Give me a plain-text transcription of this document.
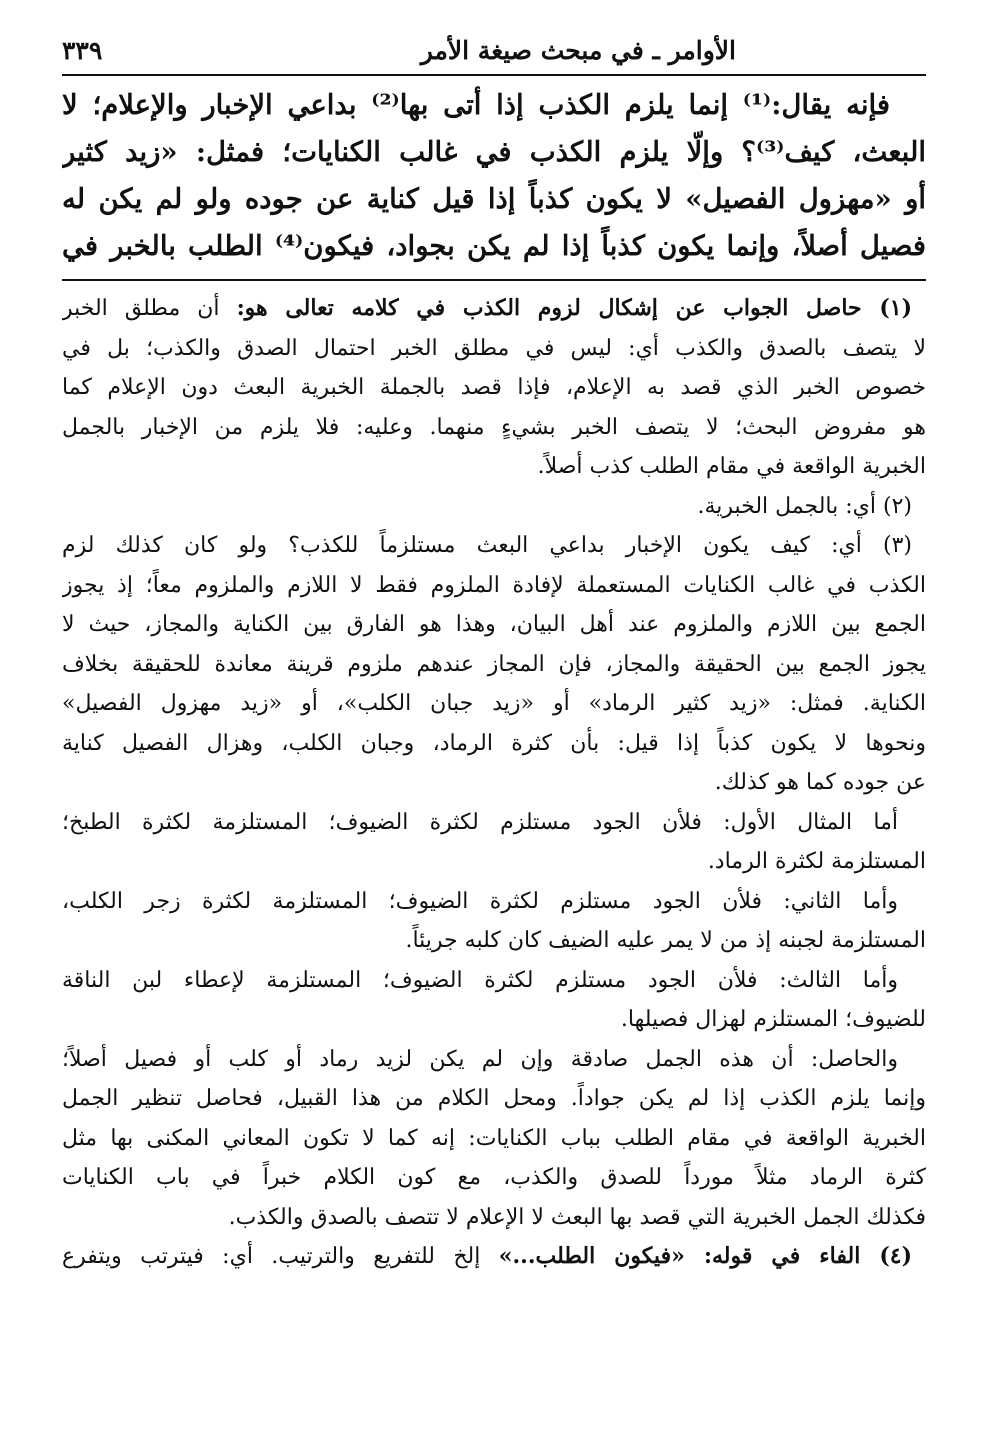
الأوامر ـ في مبحث صيغة الأمر
٣٣٩
فإنه يقال:⁽¹⁾ إنما يلزم الكذب إذا أتى بها⁽²⁾ بداعي الإخبار والإعلام؛ لا
البعث، كيف⁽³⁾؟ وإلّا يلزم الكذب في غالب الكنايات؛ فمثل: «زيد كثير
أو «مهزول الفصيل» لا يكون كذباً إذا قيل كناية عن جوده ولو لم يكن له
فصيل أصلاً، وإنما يكون كذباً إذا لم يكن بجواد، فيكون⁽⁴⁾ الطلب بالخبر في
(١) حاصل الجواب عن إشكال لزوم الكذب في كلامه تعالى هو: أن مطلق الخبر
لا يتصف بالصدق والكذب أي: ليس في مطلق الخبر احتمال الصدق والكذب؛ بل في
خصوص الخبر الذي قصد به الإعلام، فإذا قصد بالجملة الخبرية البعث دون الإعلام كما
هو مفروض البحث؛ لا يتصف الخبر بشيءٍ منهما. وعليه: فلا يلزم من الإخبار بالجمل
الخبرية الواقعة في مقام الطلب كذب أصلاً.
(٢) أي: بالجمل الخبرية.
(٣) أي: كيف يكون الإخبار بداعي البعث مستلزماً للكذب؟ ولو كان كذلك لزم
الكذب في غالب الكنايات المستعملة لإفادة الملزوم فقط لا اللازم والملزوم معاً؛ إذ يجوز
الجمع بين اللازم والملزوم عند أهل البيان، وهذا هو الفارق بين الكناية والمجاز، حيث لا
يجوز الجمع بين الحقيقة والمجاز، فإن المجاز عندهم ملزوم قرينة معاندة للحقيقة بخلاف
الكناية. فمثل: «زيد كثير الرماد» أو «زيد جبان الكلب»، أو «زيد مهزول الفصيل»
ونحوها لا يكون كذباً إذا قيل: بأن كثرة الرماد، وجبان الكلب، وهزال الفصيل كناية
عن جوده كما هو كذلك.
أما المثال الأول: فلأن الجود مستلزم لكثرة الضيوف؛ المستلزمة لكثرة الطبخ؛
المستلزمة لكثرة الرماد.
وأما الثاني: فلأن الجود مستلزم لكثرة الضيوف؛ المستلزمة لكثرة زجر الكلب،
المستلزمة لجبنه إذ من لا يمر عليه الضيف كان كلبه جريئاً.
وأما الثالث: فلأن الجود مستلزم لكثرة الضيوف؛ المستلزمة لإعطاء لبن الناقة
للضيوف؛ المستلزم لهزال فصيلها.
والحاصل: أن هذه الجمل صادقة وإن لم يكن لزيد رماد أو كلب أو فصيل أصلاً؛
وإنما يلزم الكذب إذا لم يكن جواداً. ومحل الكلام من هذا القبيل، فحاصل تنظير الجمل
الخبرية الواقعة في مقام الطلب بباب الكنايات: إنه كما لا تكون المعاني المكنى بها مثل
كثرة الرماد مثلاً مورداً للصدق والكذب، مع كون الكلام خبراً في باب الكنايات
فكذلك الجمل الخبرية التي قصد بها البعث لا الإعلام لا تتصف بالصدق والكذب.
(٤) الفاء في قوله: «فيكون الطلب...» إلخ للتفريع والترتيب. أي: فيترتب ويتفرع
